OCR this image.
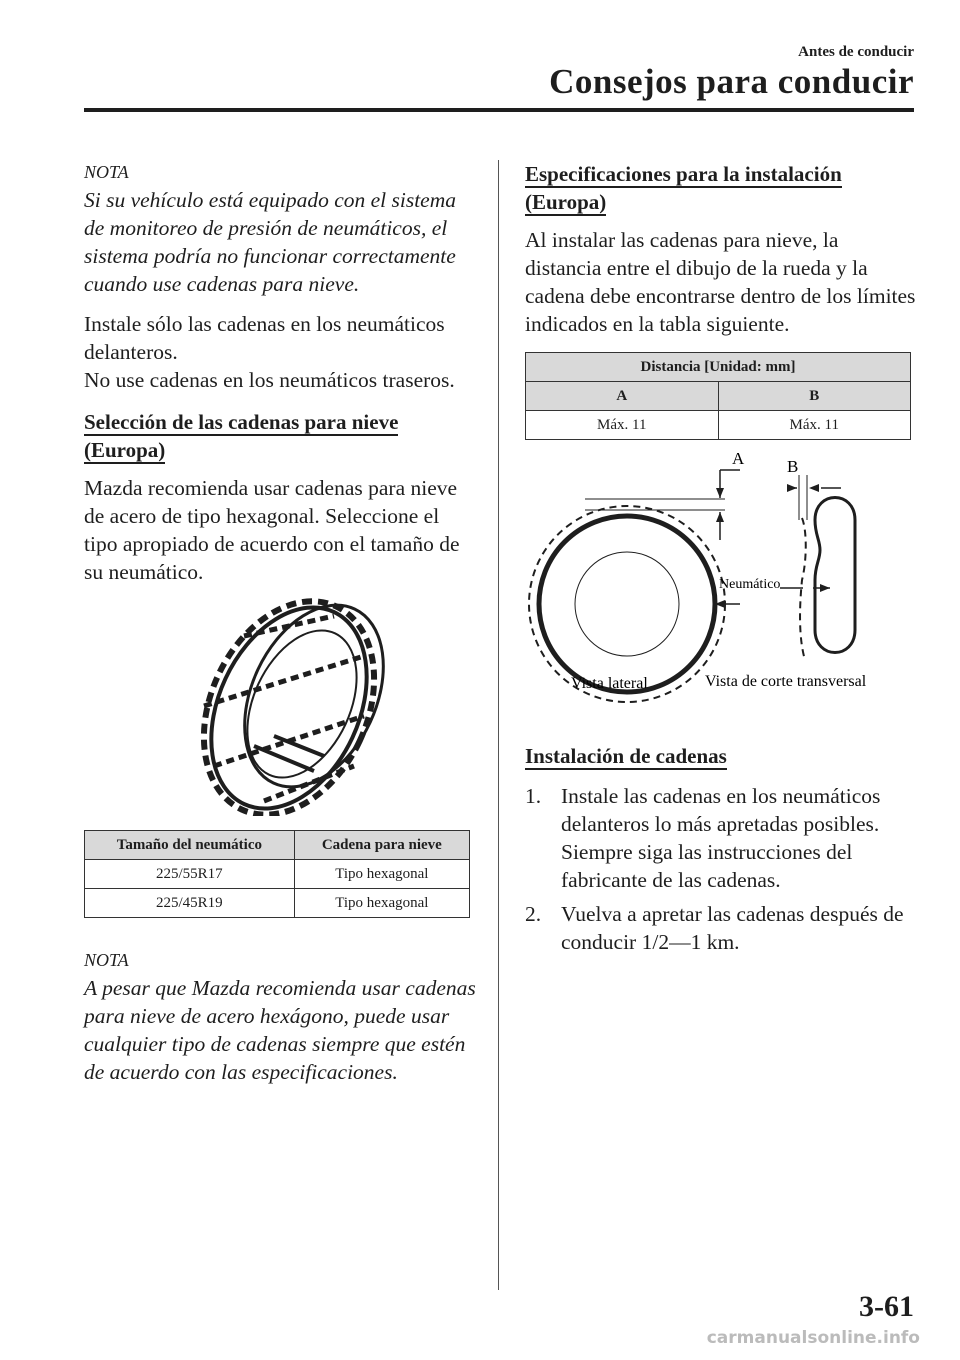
Antes de conducir
Consejos para conducir

NOTA

Si su vehículo está equipado con el sistema de monitoreo de presión de neumáticos, el sistema podría no funcionar correctamente cuando use cadenas para nieve.

Instale sólo las cadenas en los neumáticos delanteros.

No use cadenas en los neumáticos traseros.

Selección de las cadenas para nieve (Europa)

Mazda recomienda usar cadenas para nieve de acero de tipo hexagonal. Seleccione el tipo apropiado de acuerdo con el tamaño de su neumático.

Tamaño del neumático	Cadena para nieve
225/55R17	Tipo hexagonal
225/45R19	Tipo hexagonal

NOTA

A pesar que Mazda recomienda usar cadenas para nieve de acero hexágono, puede usar cualquier tipo de cadenas siempre que estén de acuerdo con las especificaciones.

Especificaciones para la instalación (Europa)

Al instalar las cadenas para nieve, la distancia entre el dibujo de la rueda y la cadena debe encontrarse dentro de los límites indicados en la tabla siguiente.

Distancia [Unidad: mm]	
A	B
Máx. 11	Máx. 11
A	B
Neumático
Vista lateral	Vista de corte transversal
Instalación de cadenas
1. Instale las cadenas en los neumáticos delanteros lo más apretadas posibles. Siempre siga las instrucciones del fabricante de las cadenas.
2. Vuelva a apretar las cadenas después de conducir 1/2―1 km.
3-61
carmanualsonline.info
